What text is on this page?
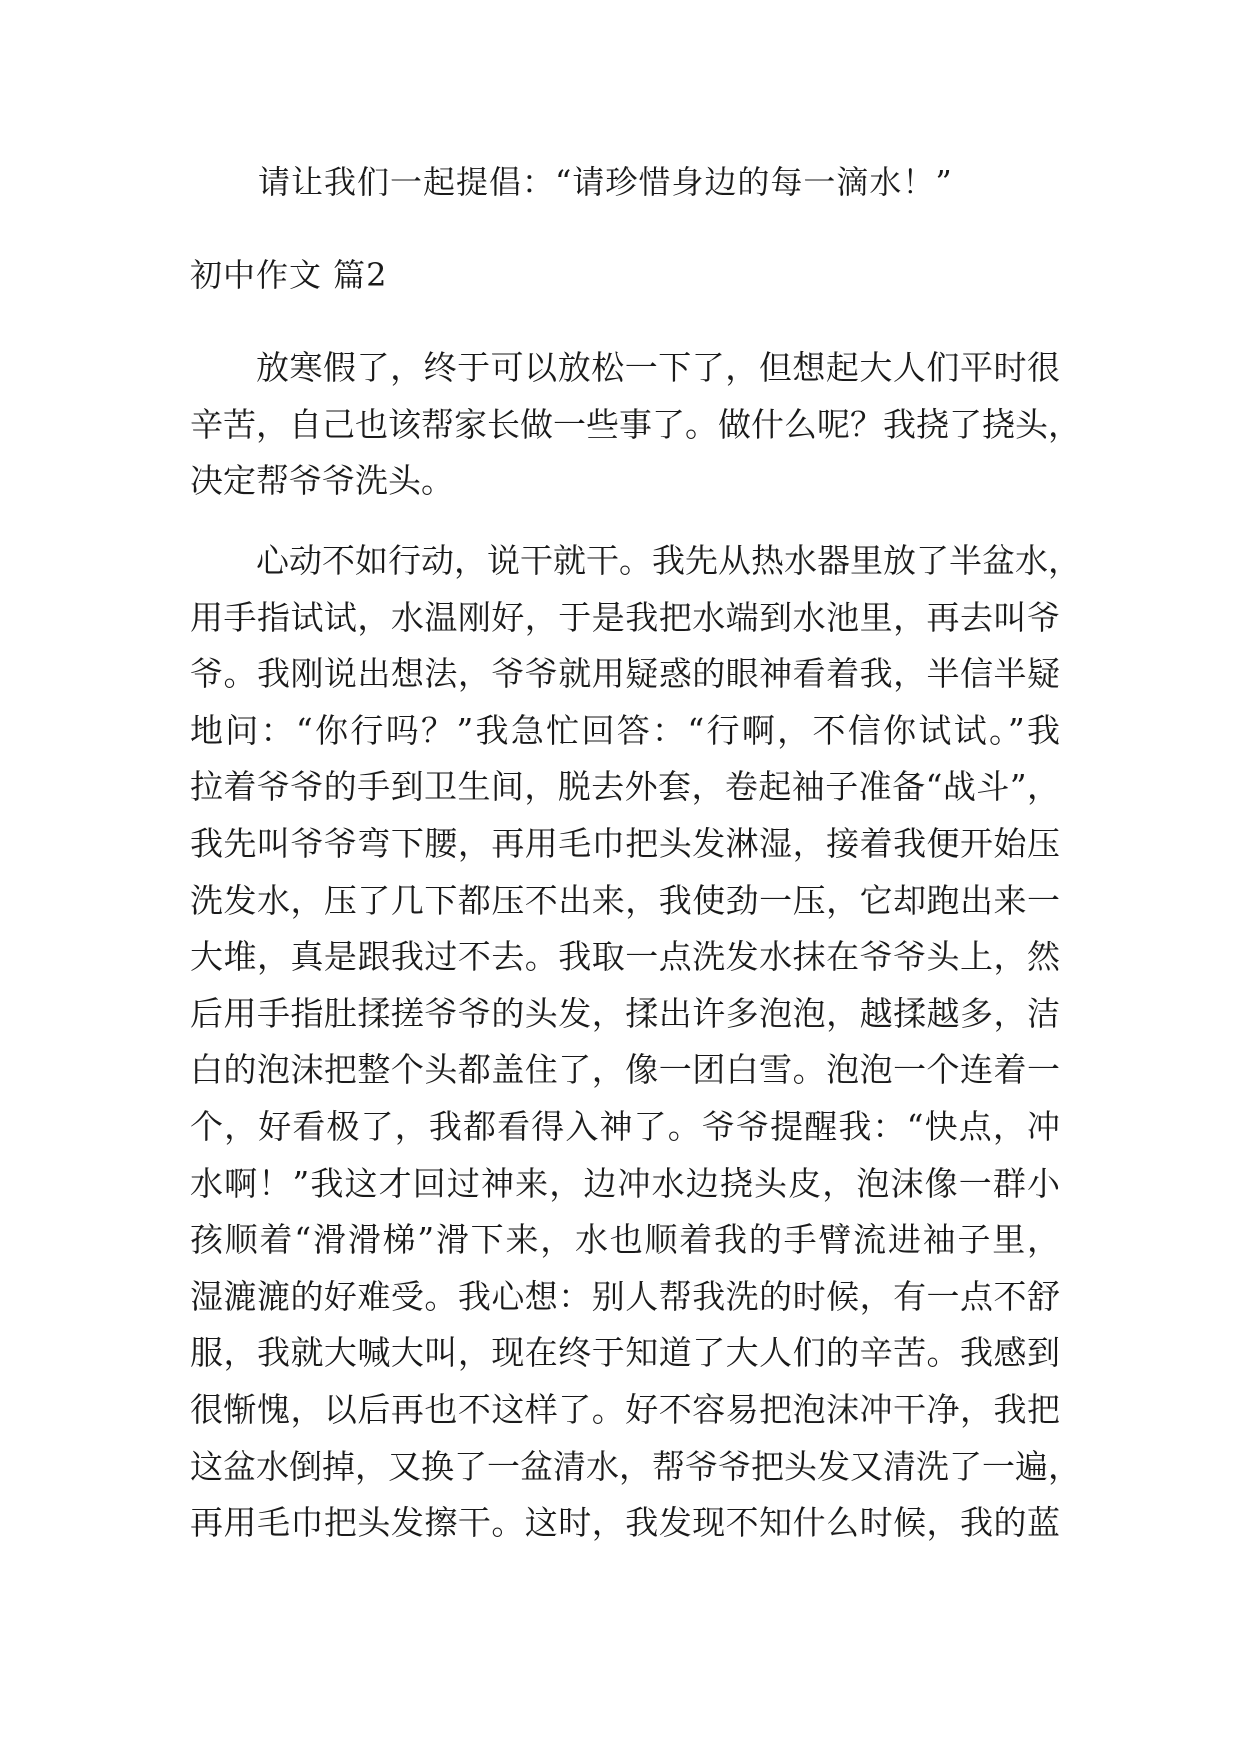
请让我们一起提倡：“请珍惜身边的每一滴水！”
初中作文 篇2
放寒假了，终于可以放松一下了，但想起大人们平时很
辛苦，自己也该帮家长做一些事了。做什么呢？我挠了挠头，
决定帮爷爷洗头。
心动不如行动，说干就干。我先从热水器里放了半盆水，
用手指试试，水温刚好，于是我把水端到水池里，再去叫爷
爷。我刚说出想法，爷爷就用疑惑的眼神看着我，半信半疑
地问：“你行吗？”我急忙回答：“行啊，不信你试试。”我
拉着爷爷的手到卫生间，脱去外套，卷起袖子准备“战斗”，
我先叫爷爷弯下腰，再用毛巾把头发淋湿，接着我便开始压
洗发水，压了几下都压不出来，我使劲一压，它却跑出来一
大堆，真是跟我过不去。我取一点洗发水抹在爷爷头上，然
后用手指肚揉搓爷爷的头发，揉出许多泡泡，越揉越多，洁
白的泡沫把整个头都盖住了，像一团白雪。泡泡一个连着一
个，好看极了，我都看得入神了。爷爷提醒我：“快点，冲
水啊！”我这才回过神来，边冲水边挠头皮，泡沫像一群小
孩顺着“滑滑梯”滑下来，水也顺着我的手臂流进袖子里，
湿漉漉的好难受。我心想：别人帮我洗的时候，有一点不舒
服，我就大喊大叫，现在终于知道了大人们的辛苦。我感到
很惭愧，以后再也不这样了。好不容易把泡沫冲干净，我把
这盆水倒掉，又换了一盆清水，帮爷爷把头发又清洗了一遍，
再用毛巾把头发擦干。这时，我发现不知什么时候，我的蓝
